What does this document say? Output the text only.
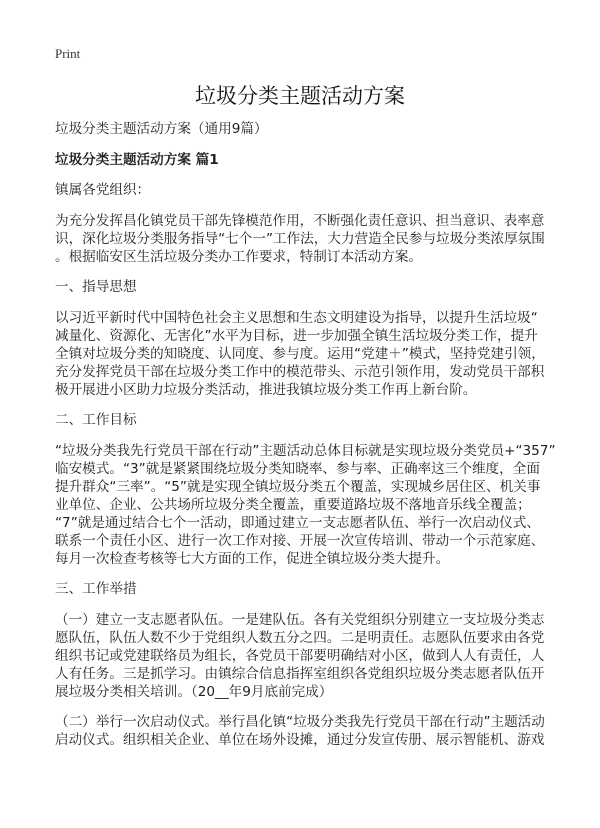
Print
垃圾分类主题活动方案
垃圾分类主题活动方案（通用9篇）
垃圾分类主题活动方案 篇1
镇属各党组织：
为充分发挥昌化镇党员干部先锋模范作用，不断强化责任意识、担当意识、表率意
识，深化垃圾分类服务指导“七个一”工作法，大力营造全民参与垃圾分类浓厚氛围
。根据临安区生活垃圾分类办工作要求，特制订本活动方案。
一、指导思想
以习近平新时代中国特色社会主义思想和生态文明建设为指导，以提升生活垃圾“
减量化、资源化、无害化”水平为目标，进一步加强全镇生活垃圾分类工作，提升
全镇对垃圾分类的知晓度、认同度、参与度。运用“党建＋”模式，坚持党建引领，
充分发挥党员干部在垃圾分类工作中的模范带头、示范引领作用，发动党员干部积
极开展进小区助力垃圾分类活动，推进我镇垃圾分类工作再上新台阶。
二、工作目标
“垃圾分类我先行党员干部在行动”主题活动总体目标就是实现垃圾分类党员+“357”
临安模式。“3”就是紧紧围绕垃圾分类知晓率、参与率、正确率这三个维度，全面
提升群众“三率”。“5”就是实现全镇垃圾分类五个覆盖，实现城乡居住区、机关事
业单位、企业、公共场所垃圾分类全覆盖，重要道路垃圾不落地音乐线全覆盖；
“7”就是通过结合七个一活动，即通过建立一支志愿者队伍、举行一次启动仪式、
联系一个责任小区、进行一次工作对接、开展一次宣传培训、带动一个示范家庭、
每月一次检查考核等七大方面的工作，促进全镇垃圾分类大提升。
三、工作举措
（一）建立一支志愿者队伍。一是建队伍。各有关党组织分别建立一支垃圾分类志
愿队伍，队伍人数不少于党组织人数五分之四。二是明责任。志愿队伍要求由各党
组织书记或党建联络员为组长，各党员干部要明确结对小区，做到人人有责任，人
人有任务。三是抓学习。由镇综合信息指挥室组织各党组织垃圾分类志愿者队伍开
展垃圾分类相关培训。（20__年9月底前完成）
（二）举行一次启动仪式。举行昌化镇“垃圾分类我先行党员干部在行动”主题活动
启动仪式。组织相关企业、单位在场外设摊，通过分发宣传册、展示智能机、游戏
